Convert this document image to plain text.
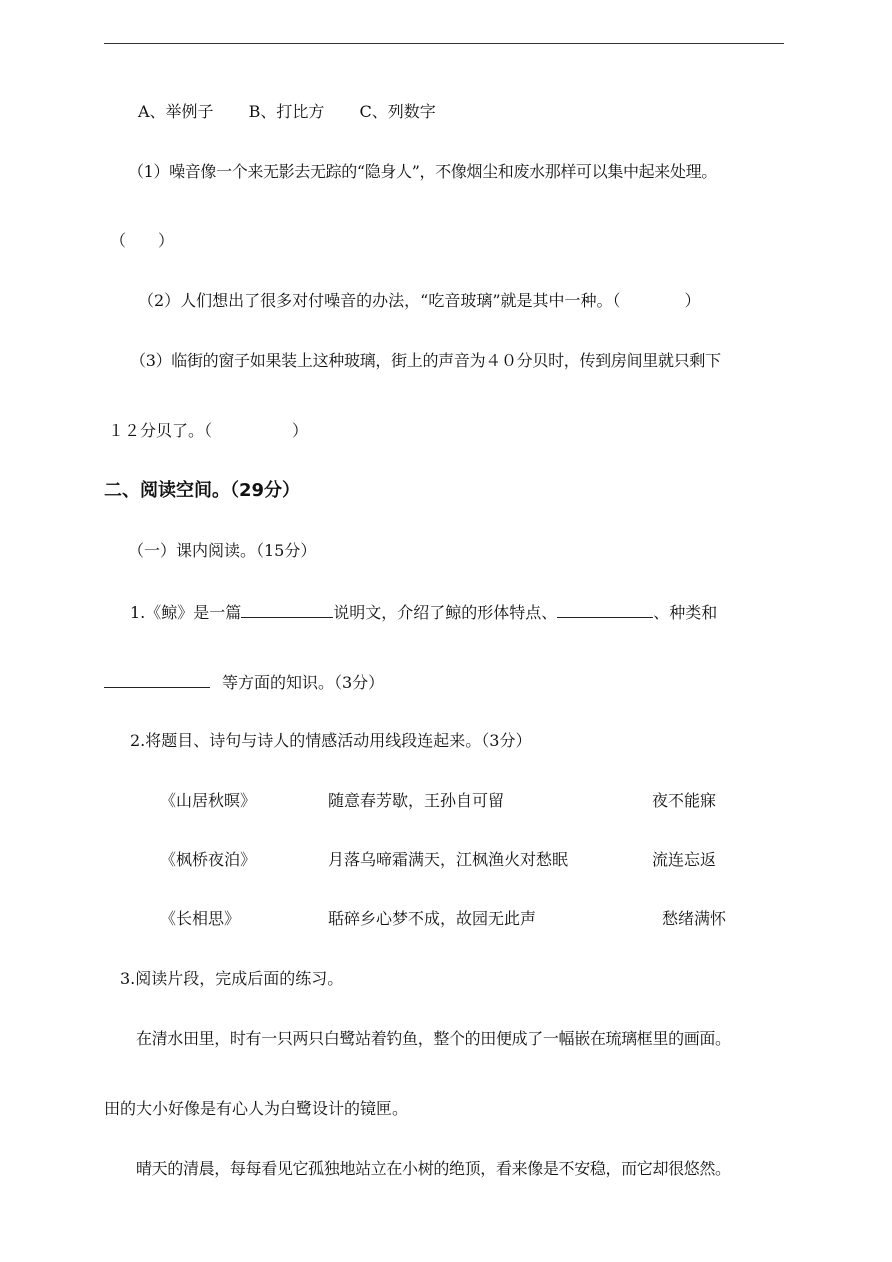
A、举例子 B、打比方 C、列数字
（1）噪音像一个来无影去无踪的“隐身人”，不像烟尘和废水那样可以集中起来处理。
（　　）
（2）人们想出了很多对付噪音的办法，“吃音玻璃”就是其中一种。（　　　　）
（3）临街的窗子如果装上这种玻璃，街上的声音为４０分贝时，传到房间里就只剩下
１２分贝了。（　　　　　）
二、阅读空间。（29分）
（一）课内阅读。（15分）
1.《鲸》是一篇	说明文，介绍了鲸的形体特点、	、种类和
等方面的知识。（3分）
2.将题目、诗句与诗人的情感活动用线段连起来。（3分）
《山居秋暝》	随意春芳歇，王孙自可留	夜不能寐
《枫桥夜泊》	月落乌啼霜满天，江枫渔火对愁眠	流连忘返
《长相思》	聒碎乡心梦不成，故园无此声	愁绪满怀
3.阅读片段，完成后面的练习。
在清水田里，时有一只两只白鹭站着钓鱼，整个的田便成了一幅嵌在琉璃框里的画面。
田的大小好像是有心人为白鹭设计的镜匣。
晴天的清晨，每每看见它孤独地站立在小树的绝顶，看来像是不安稳，而它却很悠然。
